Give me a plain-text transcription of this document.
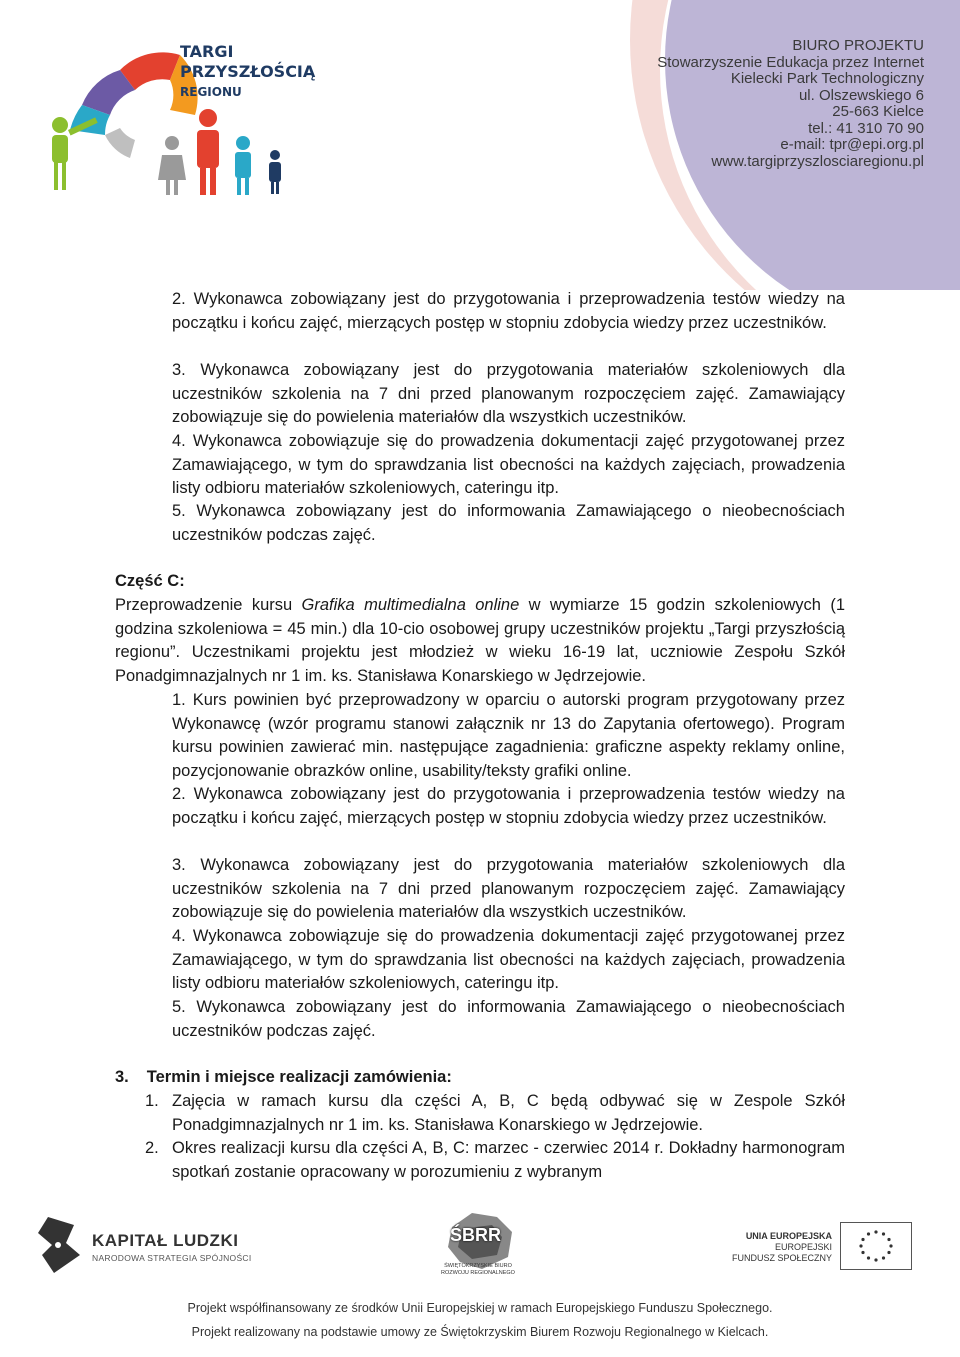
TARGI
PRZYSZŁOŚCIĄ
REGIONU
BIURO PROJEKTU
Stowarzyszenie Edukacja przez Internet
Kielecki Park Technologiczny
ul. Olszewskiego 6
25-663 Kielce
tel.: 41 310 70 90
e-mail: tpr@epi.org.pl
www.targiprzyszlosciaregionu.pl
2. Wykonawca zobowiązany jest do przygotowania i przeprowadzenia testów wiedzy na początku i końcu zajęć, mierzących postęp w stopniu zdobycia wiedzy przez uczestników.
3. Wykonawca zobowiązany jest do przygotowania materiałów szkoleniowych dla uczestników szkolenia na 7 dni przed planowanym rozpoczęciem zajęć. Zamawiający zobowiązuje się do powielenia materiałów dla wszystkich uczestników.
4. Wykonawca zobowiązuje się do prowadzenia dokumentacji zajęć przygotowanej przez Zamawiającego, w tym do sprawdzania list obecności na każdych zajęciach, prowadzenia listy odbioru materiałów szkoleniowych, cateringu itp.
5. Wykonawca zobowiązany jest do informowania Zamawiającego o nieobecnościach uczestników podczas zajęć.
Część C:
Przeprowadzenie kursu Grafika multimedialna online w wymiarze 15 godzin szkoleniowych (1 godzina szkoleniowa = 45 min.) dla 10-cio osobowej grupy uczestników projektu „Targi przyszłością regionu”. Uczestnikami projektu jest młodzież w wieku 16-19 lat, uczniowie Zespołu Szkół Ponadgimnazjalnych nr 1 im. ks. Stanisława Konarskiego w Jędrzejowie.
1. Kurs powinien być przeprowadzony w oparciu o autorski program przygotowany przez Wykonawcę (wzór programu stanowi załącznik nr 13 do Zapytania ofertowego). Program kursu powinien zawierać min. następujące zagadnienia: graficzne aspekty reklamy online, pozycjonowanie obrazków online, usability/teksty grafiki online.
2. Wykonawca zobowiązany jest do przygotowania i przeprowadzenia testów wiedzy na początku i końcu zajęć, mierzących postęp w stopniu zdobycia wiedzy przez uczestników.
3. Wykonawca zobowiązany jest do przygotowania materiałów szkoleniowych dla uczestników szkolenia na 7 dni przed planowanym rozpoczęciem zajęć. Zamawiający zobowiązuje się do powielenia materiałów dla wszystkich uczestników.
4. Wykonawca zobowiązuje się do prowadzenia dokumentacji zajęć przygotowanej przez Zamawiającego, w tym do sprawdzania list obecności na każdych zajęciach, prowadzenia listy odbioru materiałów szkoleniowych, cateringu itp.
5. Wykonawca zobowiązany jest do informowania Zamawiającego o nieobecnościach uczestników podczas zajęć.
3. Termin i miejsce realizacji zamówienia:
1. Zajęcia w ramach kursu dla części A, B, C będą odbywać się w Zespole Szkół Ponadgimnazjalnych nr 1 im. ks. Stanisława Konarskiego w Jędrzejowie.
2. Okres realizacji kursu dla części A, B, C: marzec - czerwiec 2014 r. Dokładny harmonogram spotkań zostanie opracowany w porozumieniu z wybranym
KAPITAŁ LUDZKI
NARODOWA STRATEGIA SPÓJNOŚCI
ŚBRR
ŚWIĘTOKRZYSKIE BIURO ROZWOJU REGIONALNEGO
UNIA EUROPEJSKA
EUROPEJSKI
FUNDUSZ SPOŁECZNY
Projekt współfinansowany ze środków Unii Europejskiej w ramach Europejskiego Funduszu Społecznego.
Projekt realizowany na podstawie umowy ze Świętokrzyskim Biurem Rozwoju Regionalnego w Kielcach.
